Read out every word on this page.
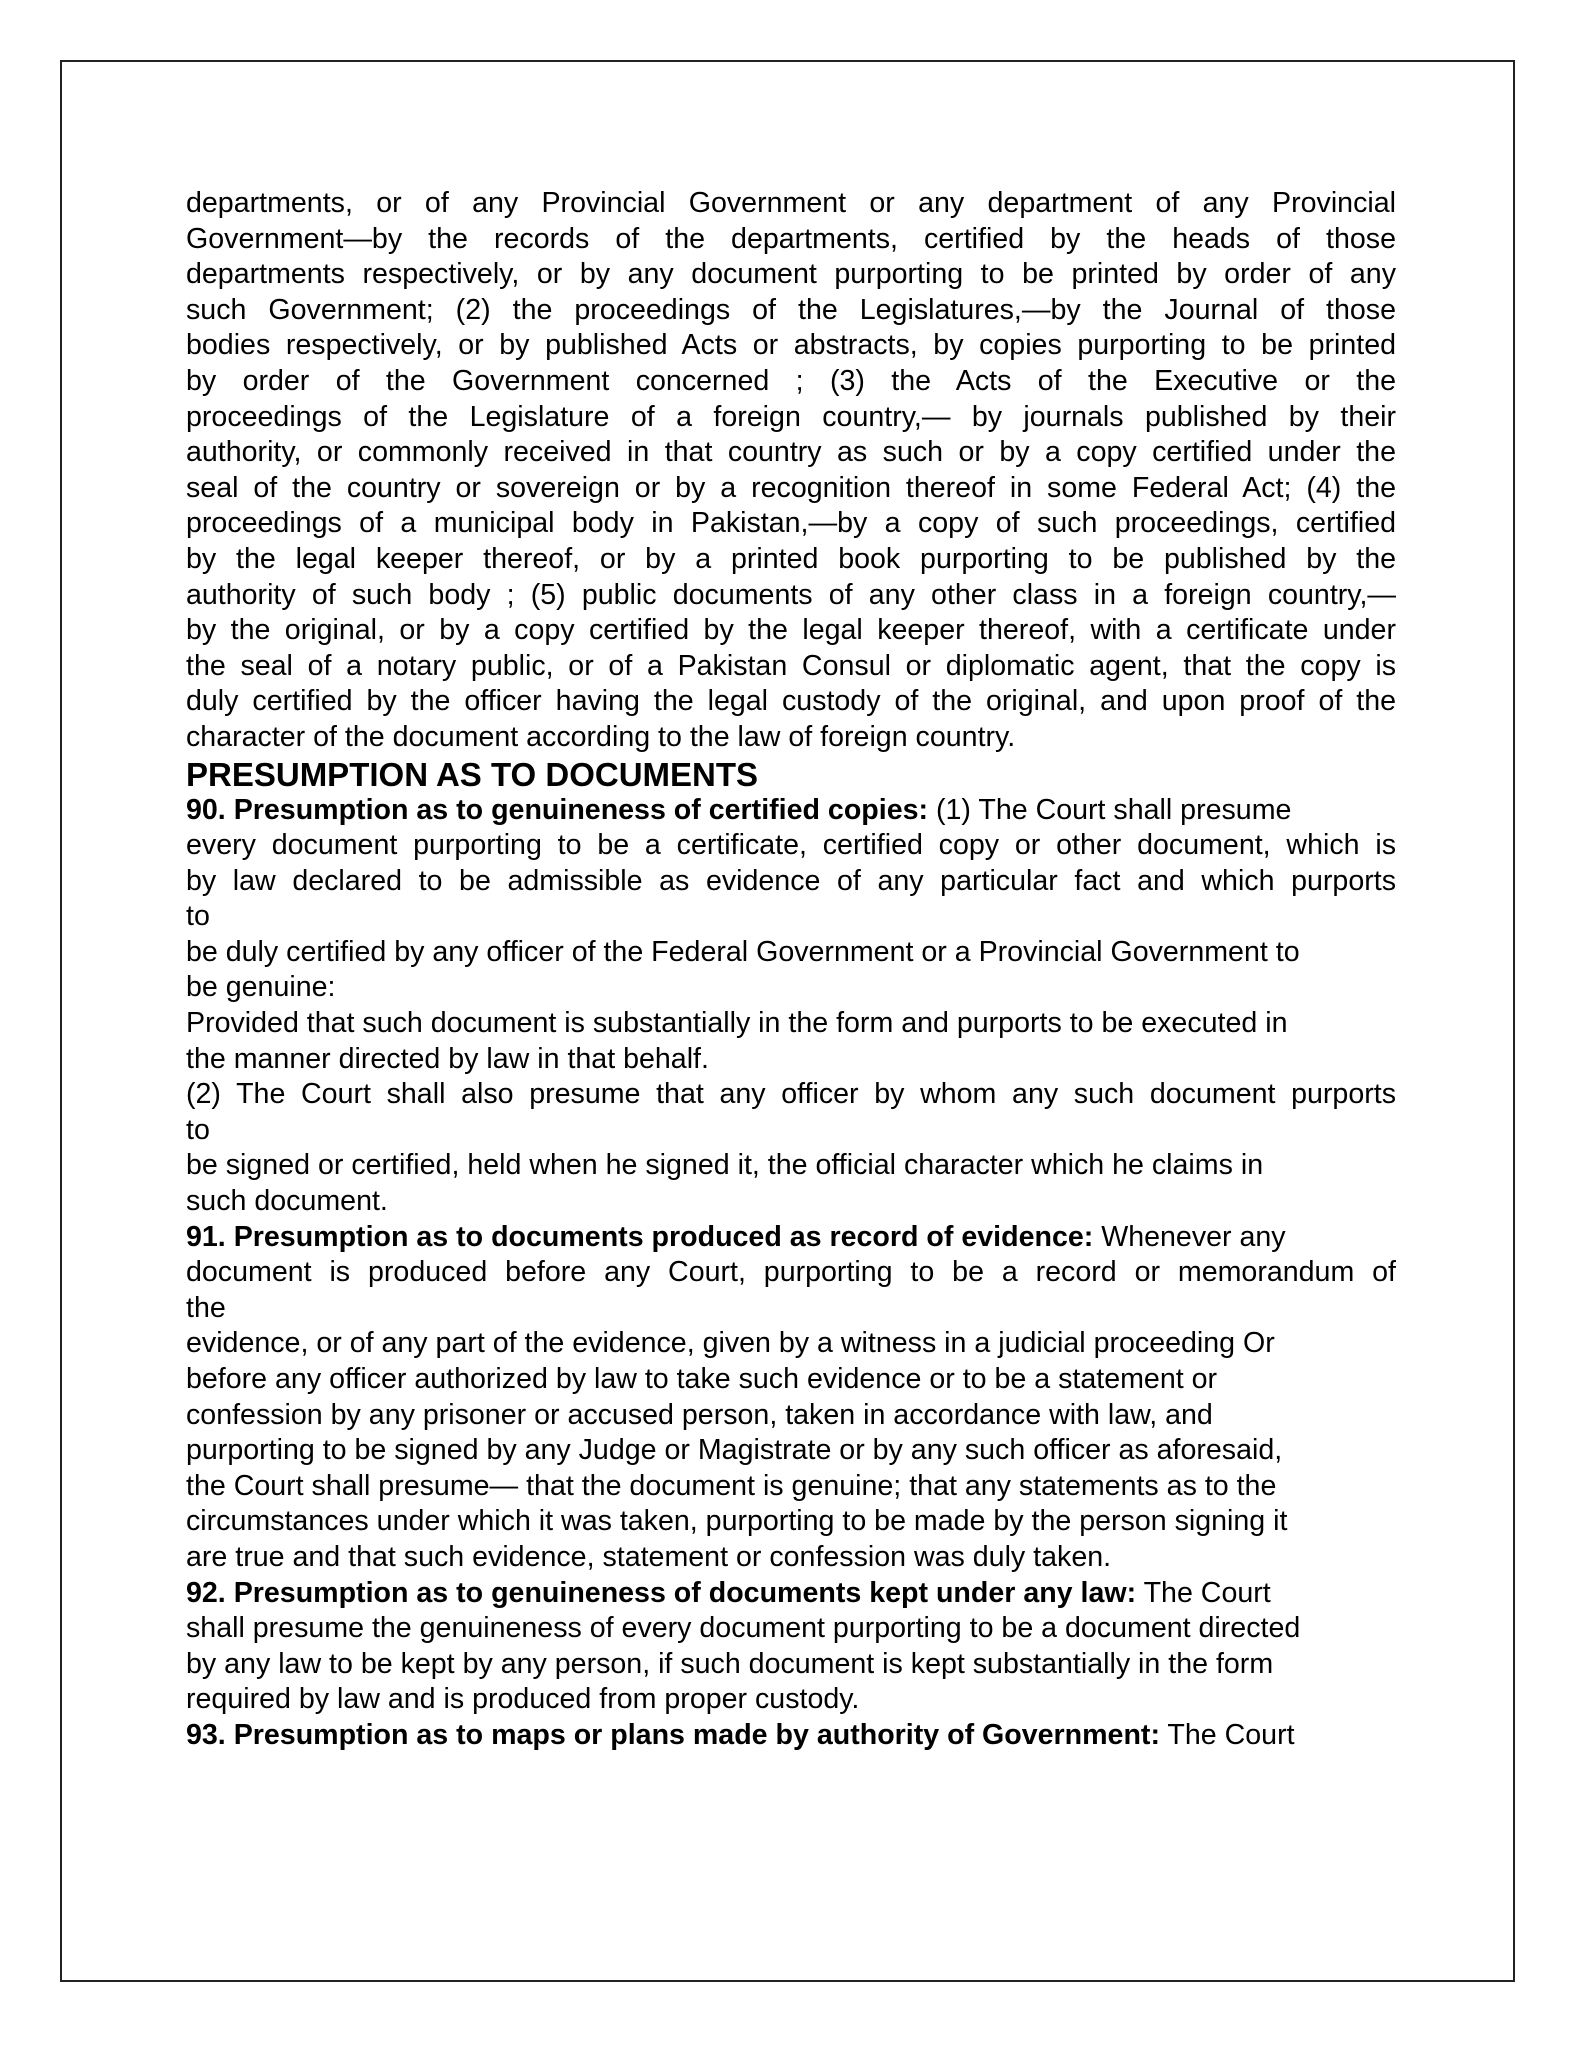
departments, or of any Provincial Government or any department of any Provincial
Government—by the records of the departments, certified by the heads of those
departments respectively, or by any document purporting to be printed by order of any
such Government; (2) the proceedings of the Legislatures,—by the Journal of those
bodies respectively, or by published Acts or abstracts, by copies purporting to be printed
by order of the Government concerned ; (3) the Acts of the Executive or the
proceedings of the Legislature of a foreign country,— by journals published by their
authority, or commonly received in that country as such or by a copy certified under the
seal of the country or sovereign or by a recognition thereof in some Federal Act; (4) the
proceedings of a municipal body in Pakistan,—by a copy of such proceedings, certified
by the legal keeper thereof, or by a printed book purporting to be published by the
authority of such body ; (5) public documents of any other class in a foreign country,—
by the original, or by a copy certified by the legal keeper thereof, with a certificate under
the seal of a notary public, or of a Pakistan Consul or diplomatic agent, that the copy is
duly certified by the officer having the legal custody of the original, and upon proof of the
character of the document according to the law of foreign country.
PRESUMPTION AS TO DOCUMENTS
90. Presumption as to genuineness of certified copies: (1) The Court shall presume
every document purporting to be a certificate, certified copy or other document, which is
by law declared to be admissible as evidence of any particular fact and which purports
to
be duly certified by any officer of the Federal Government or a Provincial Government to
be genuine:
Provided that such document is substantially in the form and purports to be executed in
the manner directed by law in that behalf.
(2) The Court shall also presume that any officer by whom any such document purports
to
be signed or certified, held when he signed it, the official character which he claims in
such document.
91. Presumption as to documents produced as record of evidence: Whenever any
document is produced before any Court, purporting to be a record or memorandum of
the
evidence, or of any part of the evidence, given by a witness in a judicial proceeding Or
before any officer authorized by law to take such evidence or to be a statement or
confession by any prisoner or accused person, taken in accordance with law, and
purporting to be signed by any Judge or Magistrate or by any such officer as aforesaid,
the Court shall presume— that the document is genuine; that any statements as to the
circumstances under which it was taken, purporting to be made by the person signing it
are true and that such evidence, statement or confession was duly taken.
92. Presumption as to genuineness of documents kept under any law: The Court
shall presume the genuineness of every document purporting to be a document directed
by any law to be kept by any person, if such document is kept substantially in the form
required by law and is produced from proper custody.
93. Presumption as to maps or plans made by authority of Government: The Court
